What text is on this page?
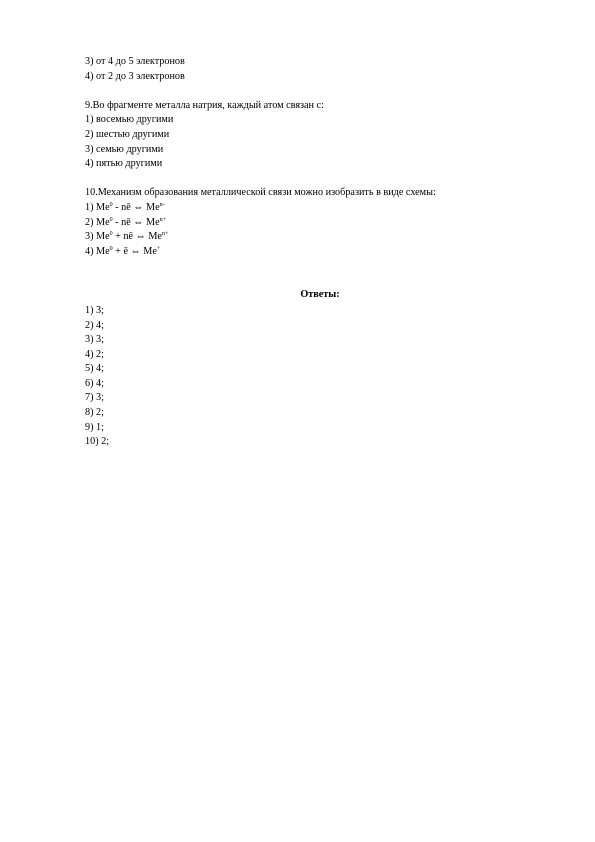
3) от 4 до 5 электронов
4) от 2 до 3 электронов
9.Во фрагменте металла натрия, каждый атом связан с:
1) восемью другими
2) шестью другими
3) семью другими
4) пятью другими
10.Механизм образования металлической связи можно изобразить в виде схемы:
1) Me$^0$ - nē ⇔ $Me^{n-}$
2) Me$^0$ - nē ⇔ $Me^{n+}$
3) $Me^0$ + nē ⇔ $Me^{n+}$
4) $Me^0$ + ē ⇔ Me+
Ответы:
1) 3;
2) 4;
3) 3;
4) 2;
5) 4;
6) 4;
7) 3;
8) 2;
9) 1;
10) 2;
